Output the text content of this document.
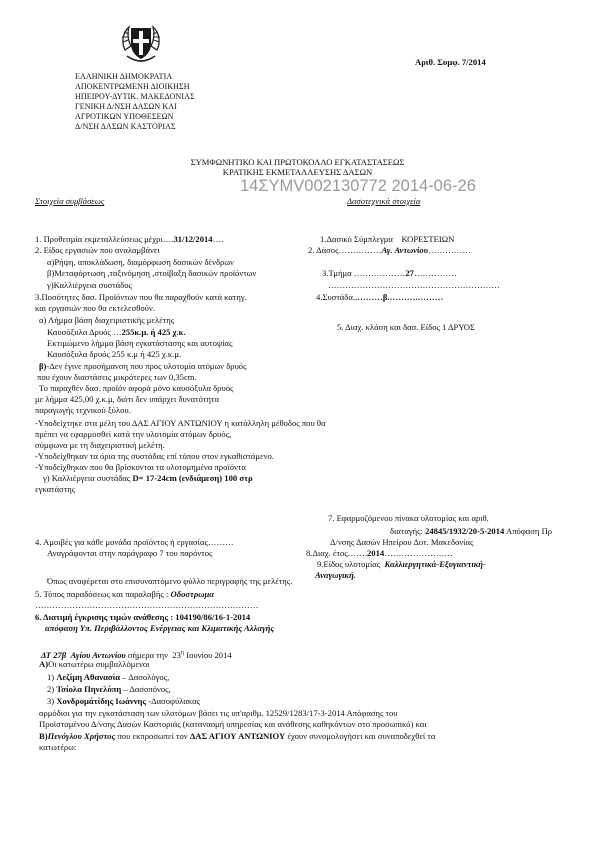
Αριθ. Συμφ. 7/2014
ΕΛΛΗΝΙΚΗ ΔΗΜΟΚΡΑΤΙΑ
ΑΠΟΚΕΝΤΡΩΜΕΝΗ ΔΙΟΙΚΗΣΗ
ΗΠΕΙΡΟΥ-ΔΥΤΙΚ. ΜΑΚΕΔΟΝΙΑΣ
ΓΕΝΙΚΗ Δ/ΝΣΗ ΔΑΣΩΝ ΚΑΙ
ΑΓΡΟΤΙΚΩΝ ΥΠΟΘΕΣΕΩΝ
Δ/ΝΣΗ ΔΑΣΩΝ ΚΑΣΤΟΡΙΑΣ
ΣΥΜΦΩΝΗΤΙΚΟ ΚΑΙ ΠΡΩΤΟΚΟΛΛΟ ΕΓΚΑΤΑΣΤΑΣΕΩΣ
ΚΡΑΤΙΚΗΣ ΕΚΜΕΤΑΛΛΕΥΣΗΣ ΔΑΣΩΝ
14ΣΥΜV002130772 2014-06-26
Στοιχεία συμβάσεως	Δασοτεχνικά στοιχεία
1. Προθεσμία εκμεταλλεύσεως μέχρι….31/12/2014….
2. Είδος εργασιών που αναλαμβάνει
α)Ρήψη, αποκλάδωση, διαμόρφωση δασικών δένδρων
β)Μεταφόρτωση ,ταξινόμηση ,στοίβαξη δασικών προϊόντων
γ)Καλλιέργεια συστάδος
3.Ποσότητες δασ. Προϊόντων που θα παραχθούν κατά κατηγ.
και εργασιών που θα εκτελεσθούν.
α) Λήμμα βάση διαχειριστικής μελέτης
Καυσόξυλα Δρυός …255κ.μ. ή 425 χ.κ.
Εκτιμώμενο λήμμα βάση εγκατάστασης και αυτοψίας
Καυσόξυλα δρυός 255 κ.μ ή 425 χ.κ.μ.
β)-Δεν έγινε προσήμανση που προς υλοτομία ατόμων δρυός
που έχουν διαστάσεις μικρότερες των 0,35cm.
Το παραχθέν δασ. προϊόν αφορά μόνο καυσόξυλα δρυός
με λήμμα 425,00 χ.κ.μ, διότι δεν υπάρχει δυνατότητα
παραγωγής τεχνικού ξύλου.
-Υποδείχτηκε στα μέλη του ΔΑΣ ΑΓΙΟΥ ΑΝΤΩΝΙΟΥ η κατάλληλη μέθοδος που θα
πρέπει να εφαρμοσθεί κατά την υλοτομία ατόμων δρυός,
σύμφωνα με τη διαχειριστική μελέτη.
-Υποδείχθηκαν τα όρια της συστάδας επί τόπου στον εγκαθιστάμενο.
-Υποδείχθηκαν που θα βρίσκονται τα υλοτομημένα προϊόντα
γ) Καλλιέργεια συστάδας D= 17-24cm (ενδιάμεση) 100 στρ
εγκατάστης
4. Αμοιβές για κάθε μονάδα προϊόντος ή εργασίας………
Αναγράφονται στην παράγραφο 7 του παρόντος
Όπως αναφέρεται στο επισυναπτόμενο φύλλο περιγραφής της μελέτης.
5. Τόπος παραδόσεως και παραλαβής : Οδοστρωμα
……………………………………………………………………
6. Διατιμή έγκρισης τιμών ανάθεσης : 104190/86/16-1-2014
απόφαση Υπ. Περιβάλλοντος Ενέργειας και Κλιματικής Αλλαγής
1.Δασικό Σύμπλεγμα ΚΟΡΕΣΤΕΙΩΝ
2. Δάσος……………Αγ. Αντωνίου……………
3.Τμήμα ………………27……………
……………………………………………………
4.Συστάδα..………β.……….………
5. Διαχ. κλάση και δασ. Είδος 1 ΔΡΥΟΣ
7. Εφαρμοζόμενου πίνακα υλοτομίας και αριθ.
διαταγής: 24845/1932/20-5-2014 Απόφαση Πρ
Δ/νσης Δασών Ηπείρου Δυτ. Μακεδονίας
8.Διαχ. έτος…….2014……………………
9.Είδος υλοτομίας Καλλιεργητικά-Εξυγιαντική-
Αναγωγική.
ΔΤ 27β Αγίου Αντωνίου σήμερα την $23^\eta$ Ιουνίου 2014
A)Οι κατωτέρω συμβαλλόμενοι
1) Λεζίμη Αθανασία – Δασολόγος,
2) Τσίολα Πηνελόπη – Δασοπόνος,
3) Χονδρομάτίδης Ιωάννης -Δασοφύλακας
αρμόδιοι για την εγκατάσταση των υλοτόμων βάσει τις υπ'αριθμ. 12529/1283/17-3-2014 Απόφασης του
Προϊσταμένου Δ/νσης Δασών Καστοριάς (καταναομή υπηρεσίας και ανάθεσης καθηκόντων στο προσωπικό) και
B)Πενόγλου Χρήστος που εκπροσωπεί τον ΔΑΣ ΑΓΙΟΥ ΑΝΤΩΝΙΟΥ έχουν συνομολογήσει και συναποδεχθεί τα
κατωτέρω:
